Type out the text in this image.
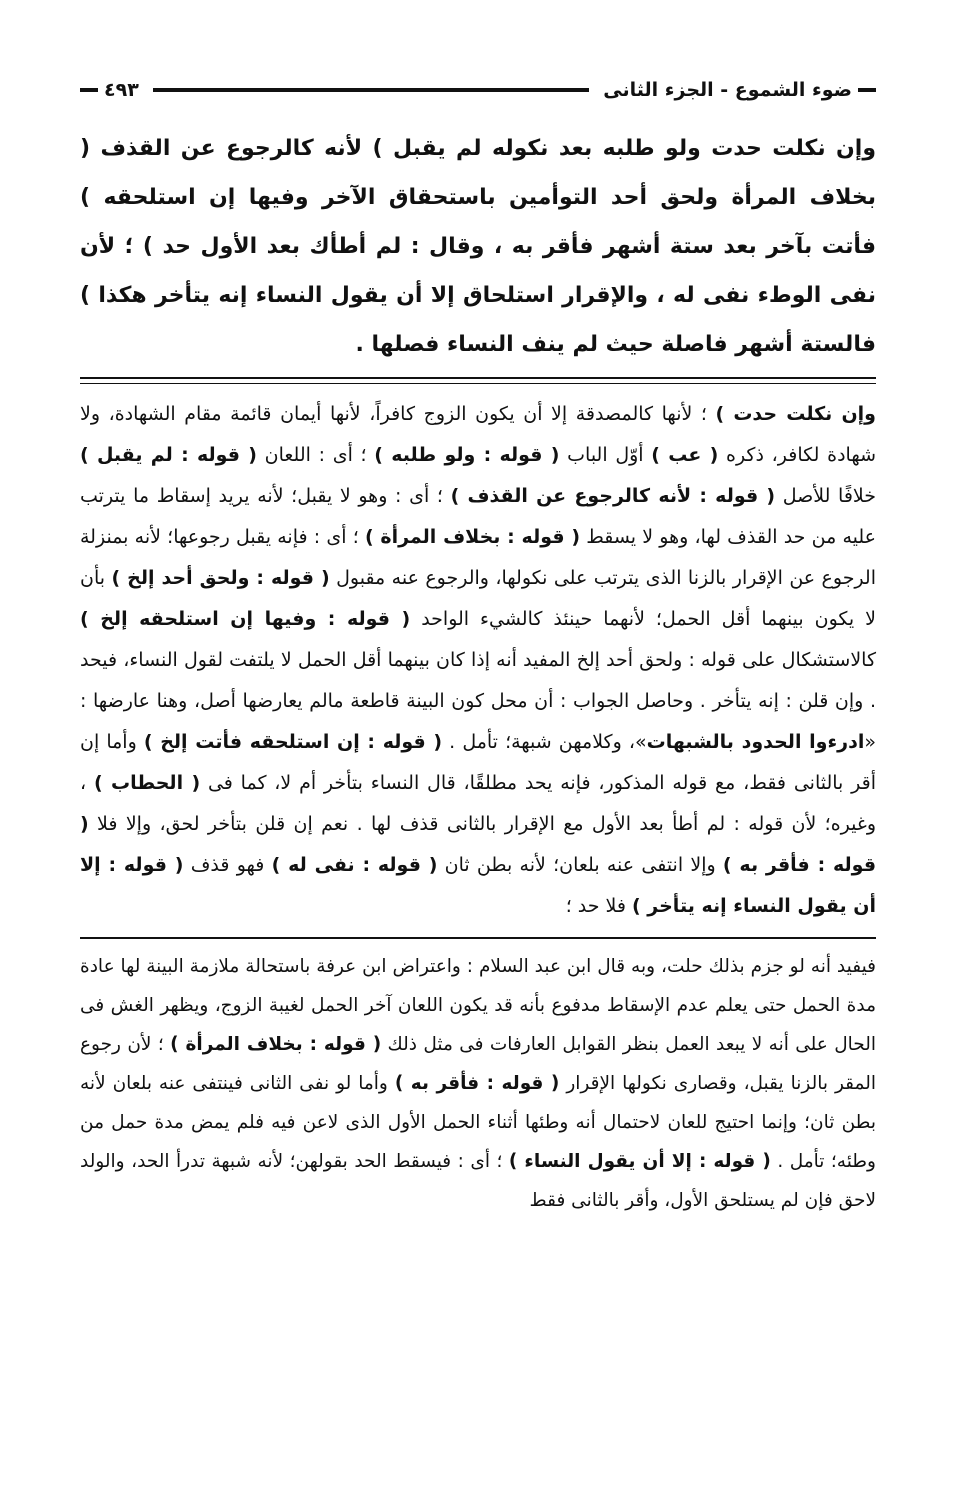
ضوء الشموع - الجزء الثانى
٤٩٣
وإن نكلت حدت ولو طلبه بعد نكوله لم يقبل ) لأنه كالرجوع عن القذف ( بخلاف المرأة ولحق أحد التوأمين باستحقاق الآخر وفيها إن استلحقه ) فأتت بآخر بعد ستة أشهر فأقر به ، وقال : لم أطأك بعد الأول حد ) ؛ لأن نفى الوطء نفى له ، والإقرار استلحاق إلا أن يقول النساء إنه يتأخر هكذا ) فالستة أشهر فاصلة حيث لم ينف النساء فصلها .

وإن نكلت حدت ) ؛ لأنها كالمصدقة إلا أن يكون الزوج كافراً، لأنها أيمان قائمة مقام الشهادة، ولا شهادة لكافر، ذكره ( عب ) أوّل الباب ( قوله : ولو طلبه ) ؛ أى : اللعان ( قوله : لم يقبل ) خلافًا للأصل ( قوله : لأنه كالرجوع عن القذف ) ؛ أى : وهو لا يقبل؛ لأنه يريد إسقاط ما يترتب عليه من حد القذف لها، وهو لا يسقط ( قوله : بخلاف المرأة ) ؛ أى : فإنه يقبل رجوعها؛ لأنه بمنزلة الرجوع عن الإقرار بالزنا الذى يترتب على نكولها، والرجوع عنه مقبول ( قوله : ولحق أحد إلخ ) بأن لا يكون بينهما أقل الحمل؛ لأنهما حينئذ كالشيء الواحد ( قوله : وفيها إن استلحقه إلخ ) كالاستشكال على قوله : ولحق أحد إلخ المفيد أنه إذا كان بينهما أقل الحمل لا يلتفت لقول النساء، فيحد . وإن قلن : إنه يتأخر . وحاصل الجواب : أن محل كون البينة قاطعة مالم يعارضها أصل، وهنا عارضها : «ادرءوا الحدود بالشبهات»، وكلامهن شبهة؛ تأمل . ( قوله : إن استلحقه فأتت إلخ ) وأما إن أقر بالثانى فقط، مع قوله المذكور، فإنه يحد مطلقًا، قال النساء بتأخر أم لا، كما فى ( الحطاب ) ، وغيره؛ لأن قوله : لم أطأ بعد الأول مع الإقرار بالثانى قذف لها . نعم إن قلن بتأخر لحق، وإلا فلا ( قوله : فأقر به ) وإلا انتفى عنه بلعان؛ لأنه بطن ثان ( قوله : نفى له ) فهو قذف ( قوله : إلا أن يقول النساء إنه يتأخر ) فلا حد ؛

فيفيد أنه لو جزم بذلك حلت، وبه قال ابن عبد السلام : واعتراض ابن عرفة باستحالة ملازمة البينة لها عادة مدة الحمل حتى يعلم عدم الإسقاط مدفوع بأنه قد يكون اللعان آخر الحمل لغيبة الزوج، ويظهر الغش فى الحال على أنه لا يبعد العمل بنظر القوابل العارفات فى مثل ذلك ( قوله : بخلاف المرأة ) ؛ لأن رجوع المقر بالزنا يقبل، وقصارى نكولها الإقرار ( قوله : فأقر به ) وأما لو نفى الثانى فينتفى عنه بلعان لأنه بطن ثان؛ وإنما احتيج للعان لاحتمال أنه وطئها أثناء الحمل الأول الذى لاعن فيه فلم يمض مدة حمل من وطئه؛ تأمل . ( قوله : إلا أن يقول النساء ) ؛ أى : فيسقط الحد بقولهن؛ لأنه شبهة تدرأ الحد، والولد لاحق فإن لم يستلحق الأول، وأقر بالثانى فقط
